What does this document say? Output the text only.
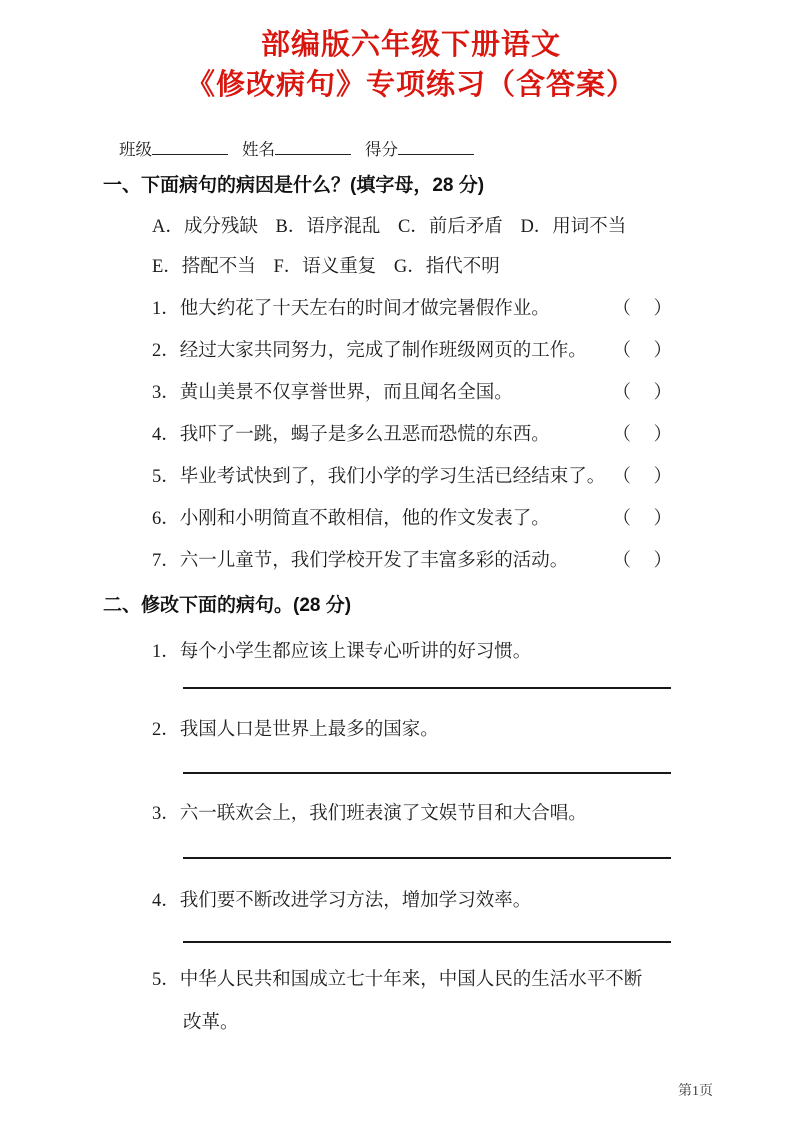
部编版六年级下册语文
《修改病句》专项练习（含答案）
班级	姓名	得分
一、下面病句的病因是什么？(填字母，28 分)
A．成分残缺 B．语序混乱 C．前后矛盾 D．用词不当
E．搭配不当 F．语义重复 G．指代不明
1．他大约花了十天左右的时间才做完暑假作业。	（　）
2．经过大家共同努力，完成了制作班级网页的工作。 （　）
3．黄山美景不仅享誉世界，而且闻名全国。	（　）
4．我吓了一跳，蝎子是多么丑恶而恐慌的东西。	（　）
5．毕业考试快到了，我们小学的学习生活已经结束了。 （　）
6．小刚和小明简直不敢相信，他的作文发表了。	（　）
7．六一儿童节，我们学校开发了丰富多彩的活动。 （　）
二、修改下面的病句。(28 分)
1．每个小学生都应该上课专心听讲的好习惯。
2．我国人口是世界上最多的国家。
3．六一联欢会上，我们班表演了文娱节目和大合唱。
4．我们要不断改进学习方法，增加学习效率。
5．中华人民共和国成立七十年来，中国人民的生活水平不断改革。
第1页
